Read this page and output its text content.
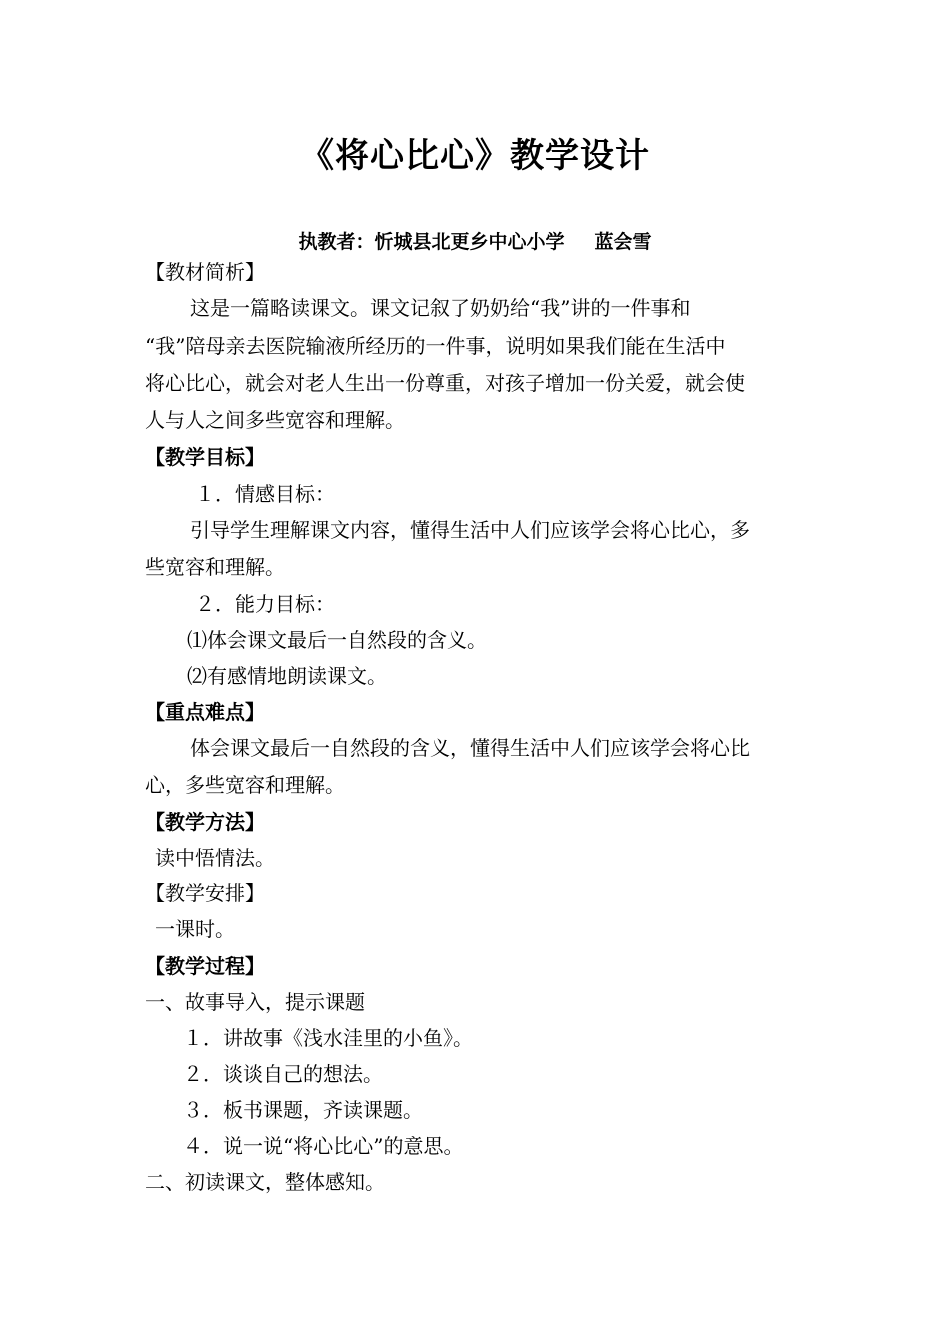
《将心比心》教学设计
执教者：忻城县北更乡中心小学 蓝会雪
【教材简析】
这是一篇略读课文。课文记叙了奶奶给“我”讲的一件事和
“我”陪母亲去医院输液所经历的一件事，说明如果我们能在生活中
将心比心，就会对老人生出一份尊重，对孩子增加一份关爱，就会使
人与人之间多些宽容和理解。
【教学目标】
１．情感目标：
引导学生理解课文内容，懂得生活中人们应该学会将心比心，多
些宽容和理解。
２．能力目标：
⑴体会课文最后一自然段的含义。
⑵有感情地朗读课文。
【重点难点】
体会课文最后一自然段的含义，懂得生活中人们应该学会将心比
心，多些宽容和理解。
【教学方法】
读中悟情法。
【教学安排】
一课时。
【教学过程】
一、故事导入，提示课题
１．讲故事《浅水洼里的小鱼》。
２．谈谈自己的想法。
３．板书课题，齐读课题。
４．说一说“将心比心”的意思。
二、初读课文，整体感知。
